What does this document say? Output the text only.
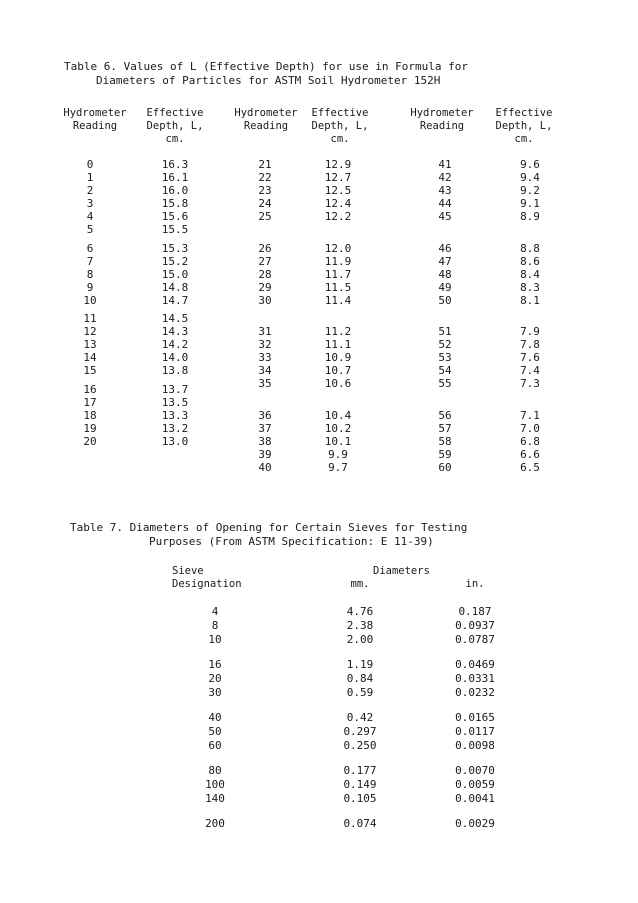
Table 6. Values of L (Effective Depth) for use in Formula for
Diameters of Particles for ASTM Soil Hydrometer 152H
Hydrometer
Reading
Effective
Depth, L,
cm.
Hydrometer
Reading
Effective
Depth, L,
cm.
Hydrometer
Reading
Effective
Depth, L,
cm.
0
1
2
3
4
5
6
7
8
9
10
11
12
13
14
15
16
17
18
19
20
16.3
16.1
16.0
15.8
15.6
15.5
15.3
15.2
15.0
14.8
14.7
14.5
14.3
14.2
14.0
13.8
13.7
13.5
13.3
13.2
13.0
21
22
23
24
25
26
27
28
29
30
31
32
33
34
35
36
37
38
39
40
12.9
12.7
12.5
12.4
12.2
12.0
11.9
11.7
11.5
11.4
11.2
11.1
10.9
10.7
10.6
10.4
10.2
10.1
9.9
9.7
41
42
43
44
45
46
47
48
49
50
51
52
53
54
55
56
57
58
59
60
9.6
9.4
9.2
9.1
8.9
8.8
8.6
8.4
8.3
8.1
7.9
7.8
7.6
7.4
7.3
7.1
7.0
6.8
6.6
6.5
Table 7. Diameters of Opening for Certain Sieves for Testing
Purposes (From ASTM Specification: E 11-39)
Sieve
Designation
Diameters
mm.	in.
4
8
10
16
20
30
40
50
60
80
100
140
200
4.76
2.38
2.00
1.19
0.84
0.59
0.42
0.297
0.250
0.177
0.149
0.105
0.074
0.187
0.0937
0.0787
0.0469
0.0331
0.0232
0.0165
0.0117
0.0098
0.0070
0.0059
0.0041
0.0029
